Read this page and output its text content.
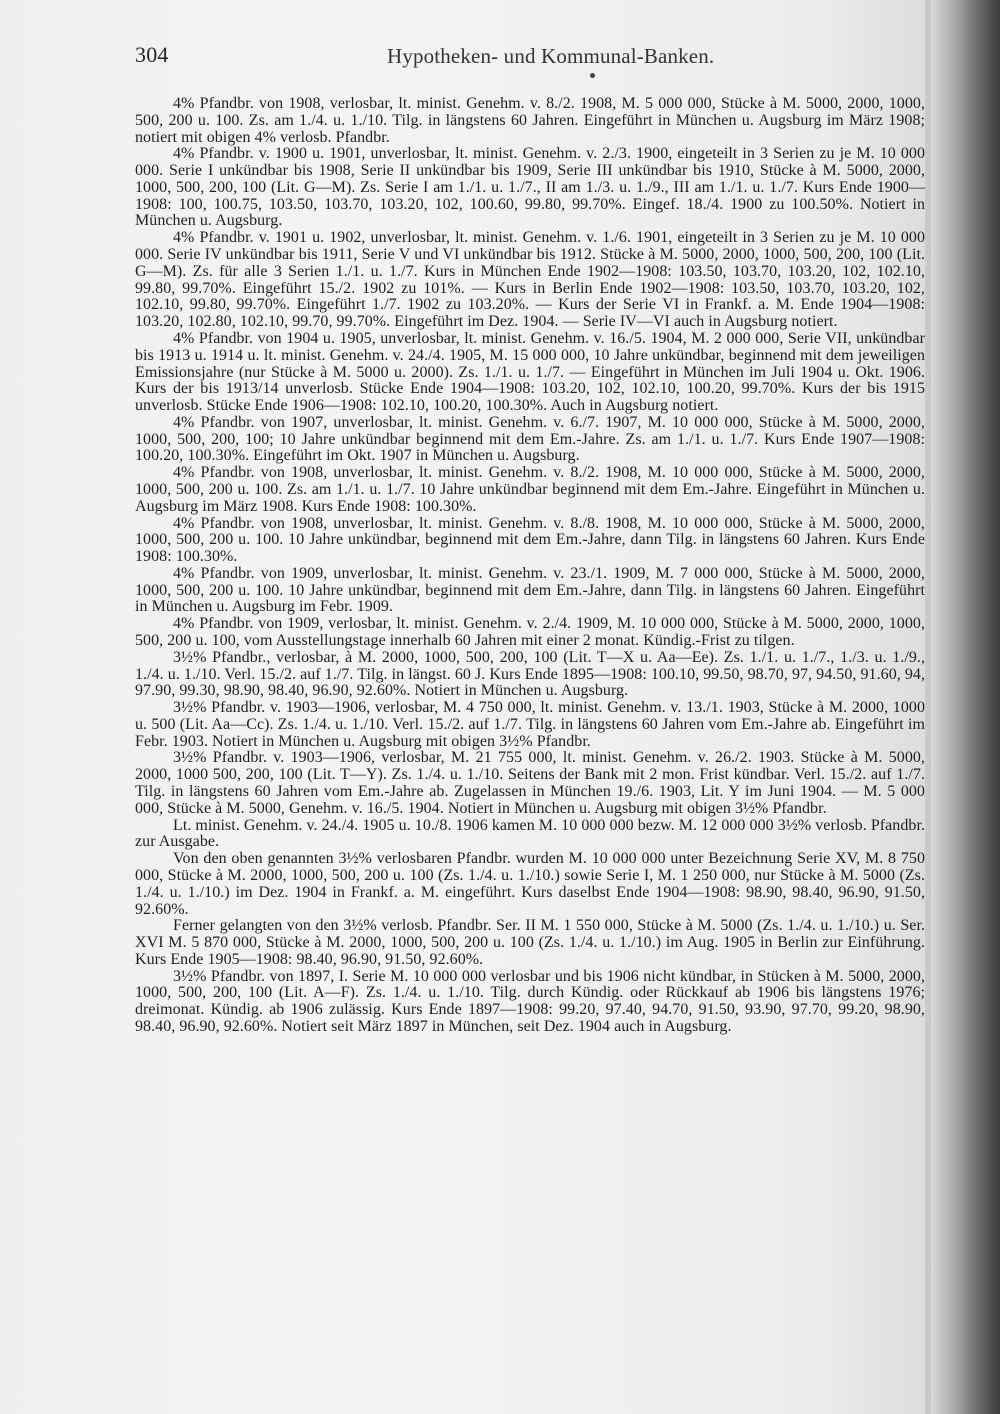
304	Hypotheken- und Kommunal-Banken.

4% Pfandbr. von 1908, verlosbar, lt. minist. Genehm. v. 8./2. 1908, M. 5 000 000, Stücke à M. 5000, 2000, 1000, 500, 200 u. 100. Zs. am 1./4. u. 1./10. Tilg. in längstens 60 Jahren. Eingeführt in München u. Augsburg im März 1908; notiert mit obigen 4% verlosb. Pfandbr.

4% Pfandbr. v. 1900 u. 1901, unverlosbar, lt. minist. Genehm. v. 2./3. 1900, eingeteilt in 3 Serien zu je M. 10 000 000. Serie I unkündbar bis 1908, Serie II unkündbar bis 1909, Serie III unkündbar bis 1910, Stücke à M. 5000, 2000, 1000, 500, 200, 100 (Lit. G—M). Zs. Serie I am 1./1. u. 1./7., II am 1./3. u. 1./9., III am 1./1. u. 1./7. Kurs Ende 1900—1908: 100, 100.75, 103.50, 103.70, 103.20, 102, 100.60, 99.80, 99.70%. Eingef. 18./4. 1900 zu 100.50%. Notiert in München u. Augsburg.

4% Pfandbr. v. 1901 u. 1902, unverlosbar, lt. minist. Genehm. v. 1./6. 1901, eingeteilt in 3 Serien zu je M. 10 000 000. Serie IV unkündbar bis 1911, Serie V und VI unkündbar bis 1912. Stücke à M. 5000, 2000, 1000, 500, 200, 100 (Lit. G—M). Zs. für alle 3 Serien 1./1. u. 1./7. Kurs in München Ende 1902—1908: 103.50, 103.70, 103.20, 102, 102.10, 99.80, 99.70%. Eingeführt 15./2. 1902 zu 101%. — Kurs in Berlin Ende 1902—1908: 103.50, 103.70, 103.20, 102, 102.10, 99.80, 99.70%. Eingeführt 1./7. 1902 zu 103.20%. — Kurs der Serie VI in Frankf. a. M. Ende 1904—1908: 103.20, 102.80, 102.10, 99.70, 99.70%. Eingeführt im Dez. 1904. — Serie IV—VI auch in Augsburg notiert.

4% Pfandbr. von 1904 u. 1905, unverlosbar, lt. minist. Genehm. v. 16./5. 1904, M. 2 000 000, Serie VII, unkündbar bis 1913 u. 1914 u. lt. minist. Genehm. v. 24./4. 1905, M. 15 000 000, 10 Jahre unkündbar, beginnend mit dem jeweiligen Emissionsjahre (nur Stücke à M. 5000 u. 2000). Zs. 1./1. u. 1./7. — Eingeführt in München im Juli 1904 u. Okt. 1906. Kurs der bis 1913/14 unverlosb. Stücke Ende 1904—1908: 103.20, 102, 102.10, 100.20, 99.70%. Kurs der bis 1915 unverlosb. Stücke Ende 1906—1908: 102.10, 100.20, 100.30%. Auch in Augsburg notiert.

4% Pfandbr. von 1907, unverlosbar, lt. minist. Genehm. v. 6./7. 1907, M. 10 000 000, Stücke à M. 5000, 2000, 1000, 500, 200, 100; 10 Jahre unkündbar beginnend mit dem Em.-Jahre. Zs. am 1./1. u. 1./7. Kurs Ende 1907—1908: 100.20, 100.30%. Eingeführt im Okt. 1907 in München u. Augsburg.

4% Pfandbr. von 1908, unverlosbar, lt. minist. Genehm. v. 8./2. 1908, M. 10 000 000, Stücke à M. 5000, 2000, 1000, 500, 200 u. 100. Zs. am 1./1. u. 1./7. 10 Jahre unkündbar beginnend mit dem Em.-Jahre. Eingeführt in München u. Augsburg im März 1908. Kurs Ende 1908: 100.30%.

4% Pfandbr. von 1908, unverlosbar, lt. minist. Genehm. v. 8./8. 1908, M. 10 000 000, Stücke à M. 5000, 2000, 1000, 500, 200 u. 100. 10 Jahre unkündbar, beginnend mit dem Em.-Jahre, dann Tilg. in längstens 60 Jahren. Kurs Ende 1908: 100.30%.

4% Pfandbr. von 1909, unverlosbar, lt. minist. Genehm. v. 23./1. 1909, M. 7 000 000, Stücke à M. 5000, 2000, 1000, 500, 200 u. 100. 10 Jahre unkündbar, beginnend mit dem Em.-Jahre, dann Tilg. in längstens 60 Jahren. Eingeführt in München u. Augsburg im Febr. 1909.

4% Pfandbr. von 1909, verlosbar, lt. minist. Genehm. v. 2./4. 1909, M. 10 000 000, Stücke à M. 5000, 2000, 1000, 500, 200 u. 100, vom Ausstellungstage innerhalb 60 Jahren mit einer 2 monat. Kündig.-Frist zu tilgen.

3½% Pfandbr., verlosbar, à M. 2000, 1000, 500, 200, 100 (Lit. T—X u. Aa—Ee). Zs. 1./1. u. 1./7., 1./3. u. 1./9., 1./4. u. 1./10. Verl. 15./2. auf 1./7. Tilg. in längst. 60 J. Kurs Ende 1895—1908: 100.10, 99.50, 98.70, 97, 94.50, 91.60, 94, 97.90, 99.30, 98.90, 98.40, 96.90, 92.60%. Notiert in München u. Augsburg.

3½% Pfandbr. v. 1903—1906, verlosbar, M. 4 750 000, lt. minist. Genehm. v. 13./1. 1903, Stücke à M. 2000, 1000 u. 500 (Lit. Aa—Cc). Zs. 1./4. u. 1./10. Verl. 15./2. auf 1./7. Tilg. in längstens 60 Jahren vom Em.-Jahre ab. Eingeführt im Febr. 1903. Notiert in München u. Augsburg mit obigen 3½% Pfandbr.

3½% Pfandbr. v. 1903—1906, verlosbar, M. 21 755 000, lt. minist. Genehm. v. 26./2. 1903. Stücke à M. 5000, 2000, 1000 500, 200, 100 (Lit. T—Y). Zs. 1./4. u. 1./10. Seitens der Bank mit 2 mon. Frist kündbar. Verl. 15./2. auf 1./7. Tilg. in längstens 60 Jahren vom Em.-Jahre ab. Zugelassen in München 19./6. 1903, Lit. Y im Juni 1904. — M. 5 000 000, Stücke à M. 5000, Genehm. v. 16./5. 1904. Notiert in München u. Augsburg mit obigen 3½% Pfandbr.

Lt. minist. Genehm. v. 24./4. 1905 u. 10./8. 1906 kamen M. 10 000 000 bezw. M. 12 000 000 3½% verlosb. Pfandbr. zur Ausgabe.

Von den oben genannten 3½% verlosbaren Pfandbr. wurden M. 10 000 000 unter Bezeichnung Serie XV, M. 8 750 000, Stücke à M. 2000, 1000, 500, 200 u. 100 (Zs. 1./4. u. 1./10.) sowie Serie I, M. 1 250 000, nur Stücke à M. 5000 (Zs. 1./4. u. 1./10.) im Dez. 1904 in Frankf. a. M. eingeführt. Kurs daselbst Ende 1904—1908: 98.90, 98.40, 96.90, 91.50, 92.60%.

Ferner gelangten von den 3½% verlosb. Pfandbr. Ser. II M. 1 550 000, Stücke à M. 5000 (Zs. 1./4. u. 1./10.) u. Ser. XVI M. 5 870 000, Stücke à M. 2000, 1000, 500, 200 u. 100 (Zs. 1./4. u. 1./10.) im Aug. 1905 in Berlin zur Einführung. Kurs Ende 1905—1908: 98.40, 96.90, 91.50, 92.60%.

3½% Pfandbr. von 1897, I. Serie M. 10 000 000 verlosbar und bis 1906 nicht kündbar, in Stücken à M. 5000, 2000, 1000, 500, 200, 100 (Lit. A—F). Zs. 1./4. u. 1./10. Tilg. durch Kündig. oder Rückkauf ab 1906 bis längstens 1976; dreimonat. Kündig. ab 1906 zulässig. Kurs Ende 1897—1908: 99.20, 97.40, 94.70, 91.50, 93.90, 97.70, 99.20, 98.90, 98.40, 96.90, 92.60%. Notiert seit März 1897 in München, seit Dez. 1904 auch in Augsburg.
